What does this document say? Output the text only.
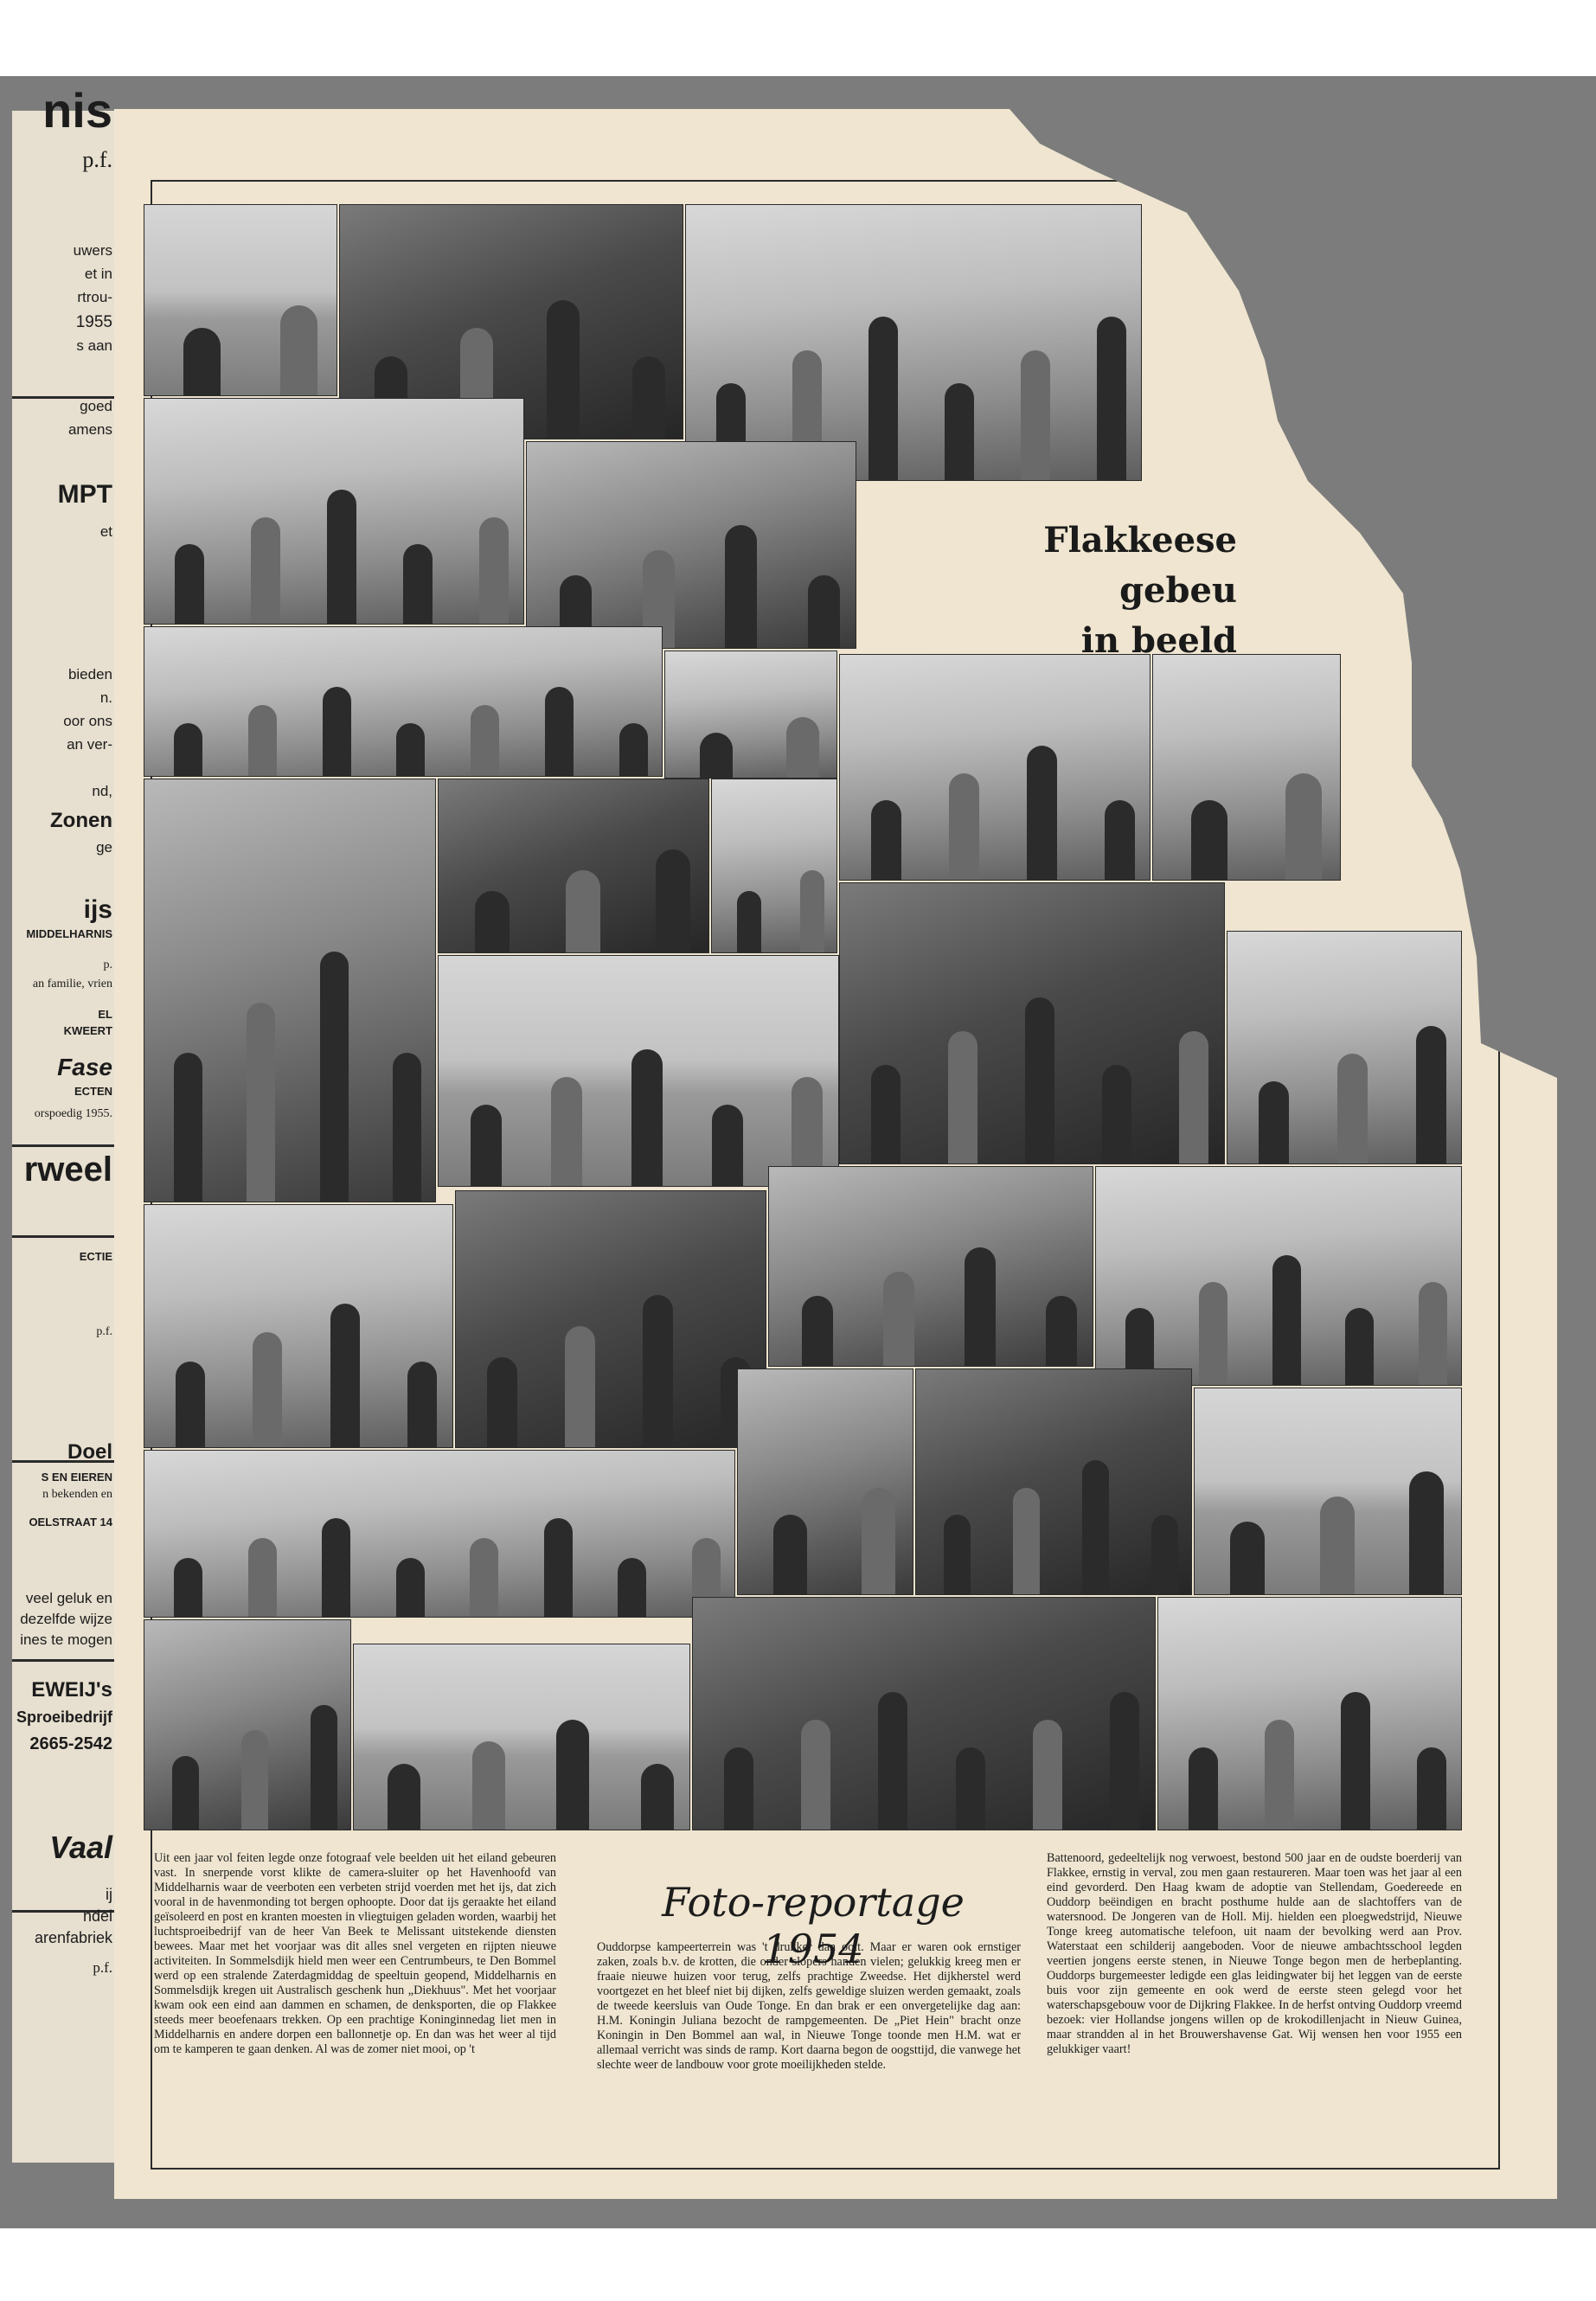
nis
p.f.
uwers
et in
rtrou-
1955
s aan
goed
amens
MPT
et
bieden
n.
oor ons
an ver-
nd,
Zonen
ge
ijs
MIDDELHARNIS
p.
an familie, vrien
EL
KWEERT
Fase
ECTEN
orspoedig 1955.
rweel
ECTIE
p.f.
Doel
S EN EIEREN
n bekenden en
OELSTRAAT 14
veel geluk en
dezelfde wijze
ines te mogen
EWEIJ's
Sproeibedrijf
2665-2542
Vaal
ij
ndel
arenfabriek
p.f.
Flakkeese gebeu
in beeld
Foto-reportage 1954
Uit een jaar vol feiten legde onze fotograaf vele beelden uit het eiland gebeuren vast. In snerpende vorst klikte de camera-sluiter op het Havenhoofd van Middelharnis waar de veerboten een verbeten strijd voerden met het ijs, dat zich vooral in de havenmonding tot bergen ophoopte. Door dat ijs geraakte het eiland geïsoleerd en post en kranten moesten in vliegtuigen geladen worden, waarbij het luchtsproeibedrijf van de heer Van Beek te Melissant uitstekende diensten bewees. Maar met het voorjaar was dit alles snel vergeten en rijpten nieuwe activiteiten. In Sommelsdijk hield men weer een Centrumbeurs, te Den Bommel werd op een stralende Zaterdagmiddag de speeltuin geopend, Middelharnis en Sommelsdijk kregen uit Australisch geschenk hun „Diekhuus". Met het voorjaar kwam ook een eind aan dammen en schamen, de denksporten, die op Flakkee steeds meer beoefenaars trekken. Op een prachtige Koninginnedag liet men in Middelharnis en andere dorpen een ballonnetje op. En dan was het weer al tijd om te kamperen te gaan denken. Al was de zomer niet mooi, op 't
Ouddorpse kampeerterrein was 't drukker dan ooit. Maar er waren ook ernstiger zaken, zoals b.v. de krotten, die onder slopers handen vielen; gelukkig kreeg men er fraaie nieuwe huizen voor terug, zelfs prachtige Zweedse. Het dijkherstel werd voortgezet en het bleef niet bij dijken, zelfs geweldige sluizen werden gemaakt, zoals de tweede keersluis van Oude Tonge. En dan brak er een onvergetelijke dag aan: H.M. Koningin Juliana bezocht de rampgemeenten. De „Piet Hein" bracht onze Koningin in Den Bommel aan wal, in Nieuwe Tonge toonde men H.M. wat er allemaal verricht was sinds de ramp. Kort daarna begon de oogsttijd, die vanwege het slechte weer de landbouw voor grote moeilijkheden stelde.
Battenoord, gedeeltelijk nog verwoest, bestond 500 jaar en de oudste boerderij van Flakkee, ernstig in verval, zou men gaan restaureren. Maar toen was het jaar al een eind gevorderd. Den Haag kwam de adoptie van Stellendam, Goedereede en Ouddorp beëindigen en bracht posthume hulde aan de slachtoffers van de watersnood. De Jongeren van de Holl. Mij. hielden een ploegwedstrijd, Nieuwe Tonge kreeg automatische telefoon, uit naam der bevolking werd aan Prov. Waterstaat een schilderij aangeboden. Voor de nieuwe ambachtsschool legden veertien jongens eerste stenen, in Nieuwe Tonge begon men de herbeplanting. Ouddorps burgemeester ledigde een glas leidingwater bij het leggen van de eerste buis voor zijn gemeente en ook werd de eerste steen gelegd voor het waterschapsgebouw voor de Dijkring Flakkee. In de herfst ontving Ouddorp vreemd bezoek: vier Hollandse jongens willen op de krokodillenjacht in Nieuw Guinea, maar strandden al in het Brouwershavense Gat. Wij wensen hen voor 1955 een gelukkiger vaart!
